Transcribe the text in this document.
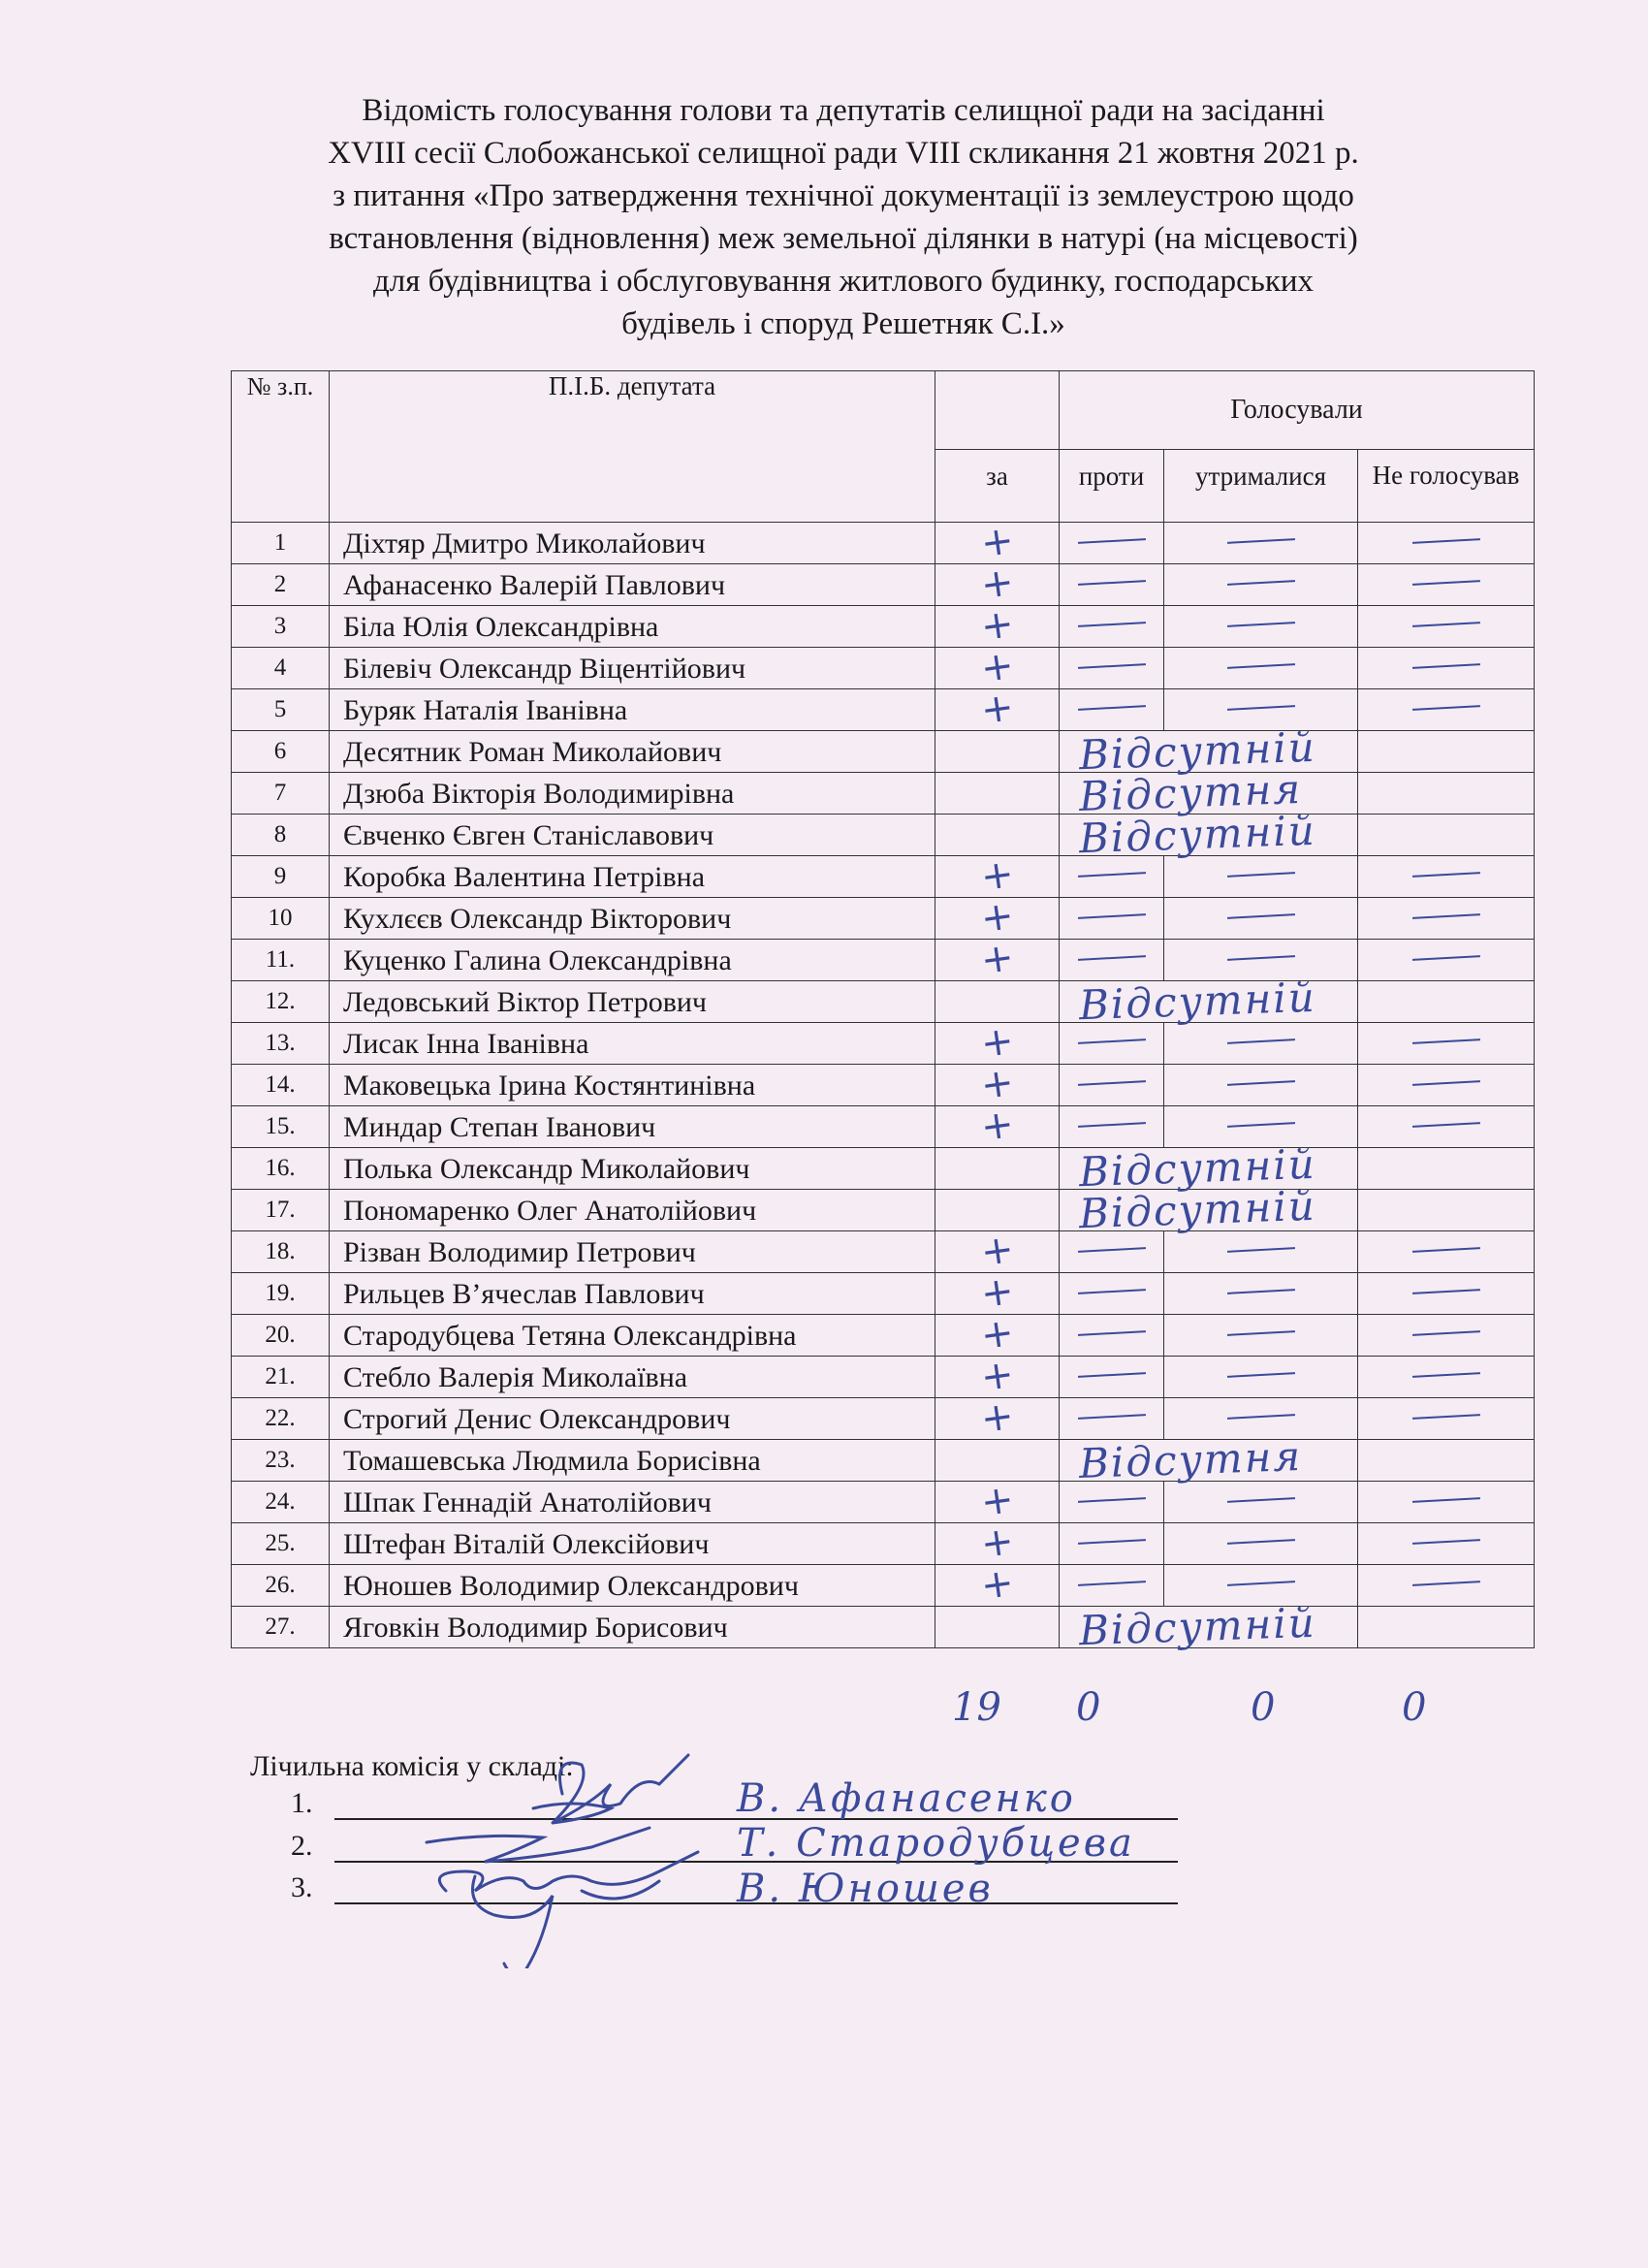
Відомість голосування голови та депутатів селищної ради на засіданні
XVIII сесії Слобожанської селищної ради VIII скликання 21 жовтня 2021 р.
з питання «Про затвердження технічної документації із землеустрою щодо
встановлення (відновлення) меж земельної ділянки в натурі (на місцевості)
для будівництва і обслуговування житлового будинку, господарських
будівель і споруд Решетняк С.І.»
№ з.п.	П.І.Б. депутата		Голосували		
		за	проти	утрималися	Не голосував
1	Діхтяр Дмитро Миколайович	+	

2	Афанасенко Валерій Павлович	+	

3	Біла Юлія Олександрівна	+	

4	Білевіч Олександр Віцентійович	+	

5	Буряк Наталія Іванівна	+	

6	Десятник Роман Миколайович		Відсутній		

7	Дзюба Вікторія Володимирівна		Відсутня		

8	Євченко Євген Станіславович		Відсутній		

9	Коробка Валентина Петрівна	+	

10	Кухлєєв Олександр Вікторович	+	

11.	Куценко Галина Олександрівна	+	

12.	Ледовський Віктор Петрович		Відсутній		

13.	Лисак Інна Іванівна	+	

14.	Маковецька Ірина Костянтинівна	+	

15.	Миндар Степан Іванович	+	

16.	Полька Олександр Миколайович		Відсутній		

17.	Пономаренко Олег Анатолійович		Відсутній		

18.	Різван Володимир Петрович	+	

19.	Рильцев В’ячеслав Павлович	+	

20.	Стародубцева Тетяна Олександрівна	+	

21.	Стебло Валерія Миколаївна	+	

22.	Строгий Денис Олександрович	+	

23.	Томашевська Людмила Борисівна		Відсутня		

24.	Шпак Геннадій Анатолійович	+	

25.	Штефан Віталій Олексійович	+	

26.	Юношев Володимир Олександрович	+	

27.	Яговкін Володимир Борисович		Відсутній		

19 0	0	0
Лічильна комісія у складі:
1.	В. Афанасенко
2.	Т. Стародубцева
3.	В. Юношев
